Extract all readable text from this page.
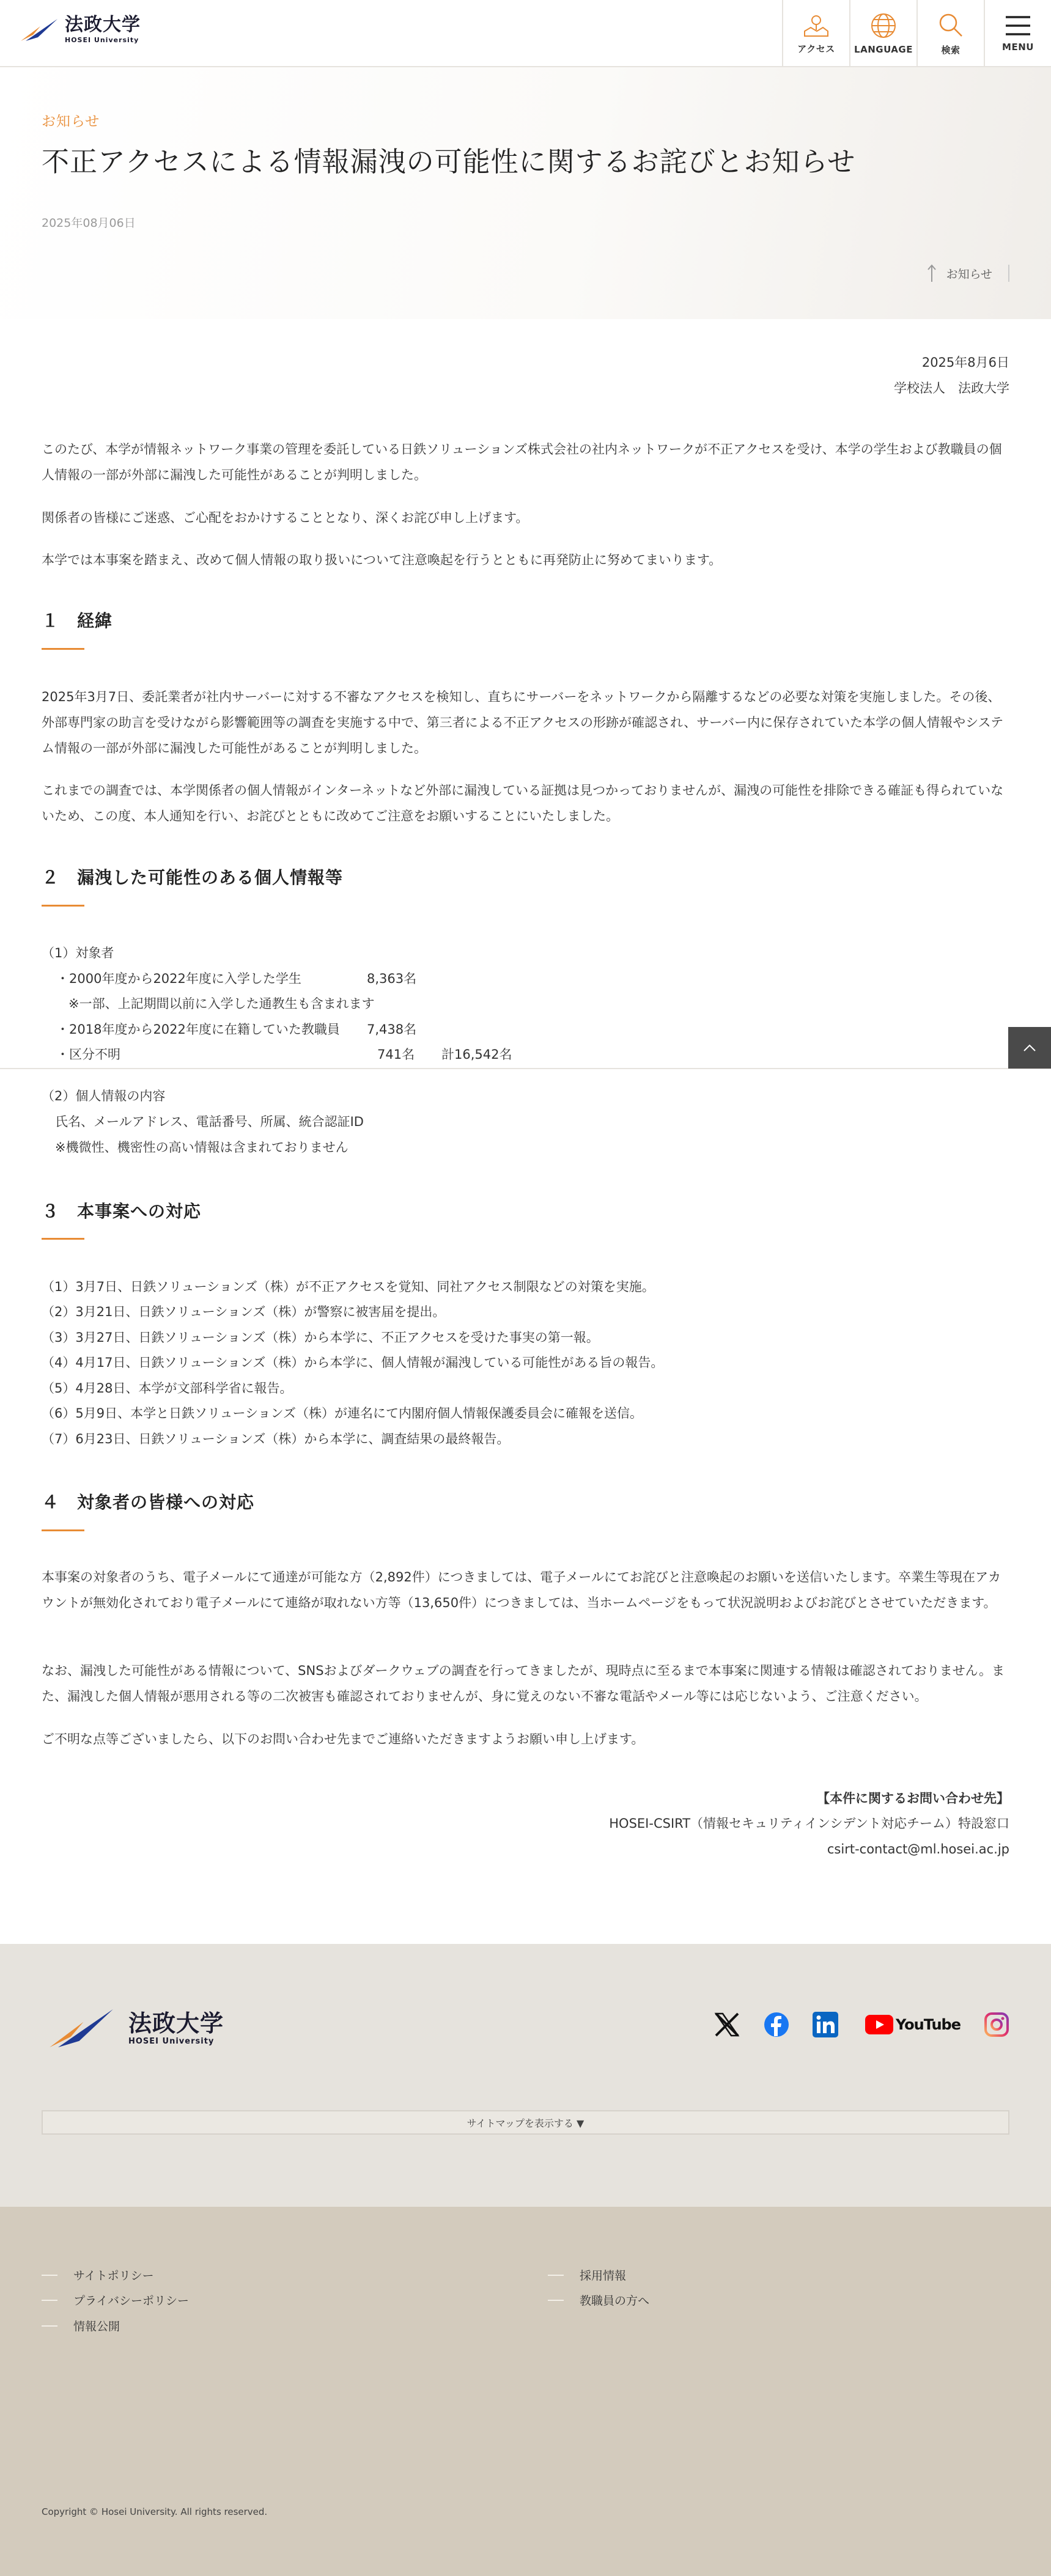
法政大学
HOSEI University
アクセス LANGUAGE	検索	MENU
お知らせ
不正アクセスによる情報漏洩の可能性に関するお詫びとお知らせ
2025年08月06日
お知らせ
2025年8月6日
学校法人　法政大学

このたび、本学が情報ネットワーク事業の管理を委託している日鉄ソリューションズ株式会社の社内ネットワークが不正アクセスを受け、本学の学生および教職員の個人情報の一部が外部に漏洩した可能性があることが判明しました。

関係者の皆様にご迷惑、ご心配をおかけすることとなり、深くお詫び申し上げます。

本学では本事案を踏まえ、改めて個人情報の取り扱いについて注意喚起を行うとともに再発防止に努めてまいります。

１　経緯

2025年3月7日、委託業者が社内サーバーに対する不審なアクセスを検知し、直ちにサーバーをネットワークから隔離するなどの必要な対策を実施しました。その後、外部専門家の助言を受けながら影響範囲等の調査を実施する中で、第三者による不正アクセスの形跡が確認され、サーバー内に保存されていた本学の個人情報やシステム情報の一部が外部に漏洩した可能性があることが判明しました。

これまでの調査では、本学関係者の個人情報がインターネットなど外部に漏洩している証拠は見つかっておりませんが、漏洩の可能性を排除できる確証も得られていないため、この度、本人通知を行い、お詫びとともに改めてご注意をお願いすることにいたしました。

２　漏洩した可能性のある個人情報等
（1）対象者
・2000年度から2022年度に入学した学生	8,363名
※一部、上記期間以前に入学した通教生も含まれます
・2018年度から2022年度に在籍していた教職員 7,438名
・区分不明	741名 計16,542名
（2）個人情報の内容
氏名、メールアドレス、電話番号、所属、統合認証ID
※機微性、機密性の高い情報は含まれておりません
３　本事案への対応
（1）3月7日、日鉄ソリューションズ（株）が不正アクセスを覚知、同社アクセス制限などの対策を実施。
（2）3月21日、日鉄ソリューションズ（株）が警察に被害届を提出。
（3）3月27日、日鉄ソリューションズ（株）から本学に、不正アクセスを受けた事実の第一報。
（4）4月17日、日鉄ソリューションズ（株）から本学に、個人情報が漏洩している可能性がある旨の報告。
（5）4月28日、本学が文部科学省に報告。
（6）5月9日、本学と日鉄ソリューションズ（株）が連名にて内閣府個人情報保護委員会に確報を送信。
（7）6月23日、日鉄ソリューションズ（株）から本学に、調査結果の最終報告。
４　対象者の皆様への対応

本事案の対象者のうち、電子メールにて通達が可能な方（2,892件）につきましては、電子メールにてお詫びと注意喚起のお願いを送信いたします。卒業生等現在アカウントが無効化されており電子メールにて連絡が取れない方等（13,650件）につきましては、当ホームページをもって状況説明およびお詫びとさせていただきます。

なお、漏洩した可能性がある情報について、SNSおよびダークウェブの調査を行ってきましたが、現時点に至るまで本事案に関連する情報は確認されておりません。また、漏洩した個人情報が悪用される等の二次被害も確認されておりませんが、身に覚えのない不審な電話やメール等には応じないよう、ご注意ください。

ご不明な点等ございましたら、以下のお問い合わせ先までご連絡いただきますようお願い申し上げます。

【本件に関するお問い合わせ先】
HOSEI-CSIRT（情報セキュリティインシデント対応チーム）特設窓口
csirt-contact@ml.hosei.ac.jp
法政大学
HOSEI University
YouTube
サイトマップを表示する ▼
サイトポリシー
プライバシーポリシー
情報公開
採用情報
教職員の方へ
Copyright © Hosei University. All rights reserved.
